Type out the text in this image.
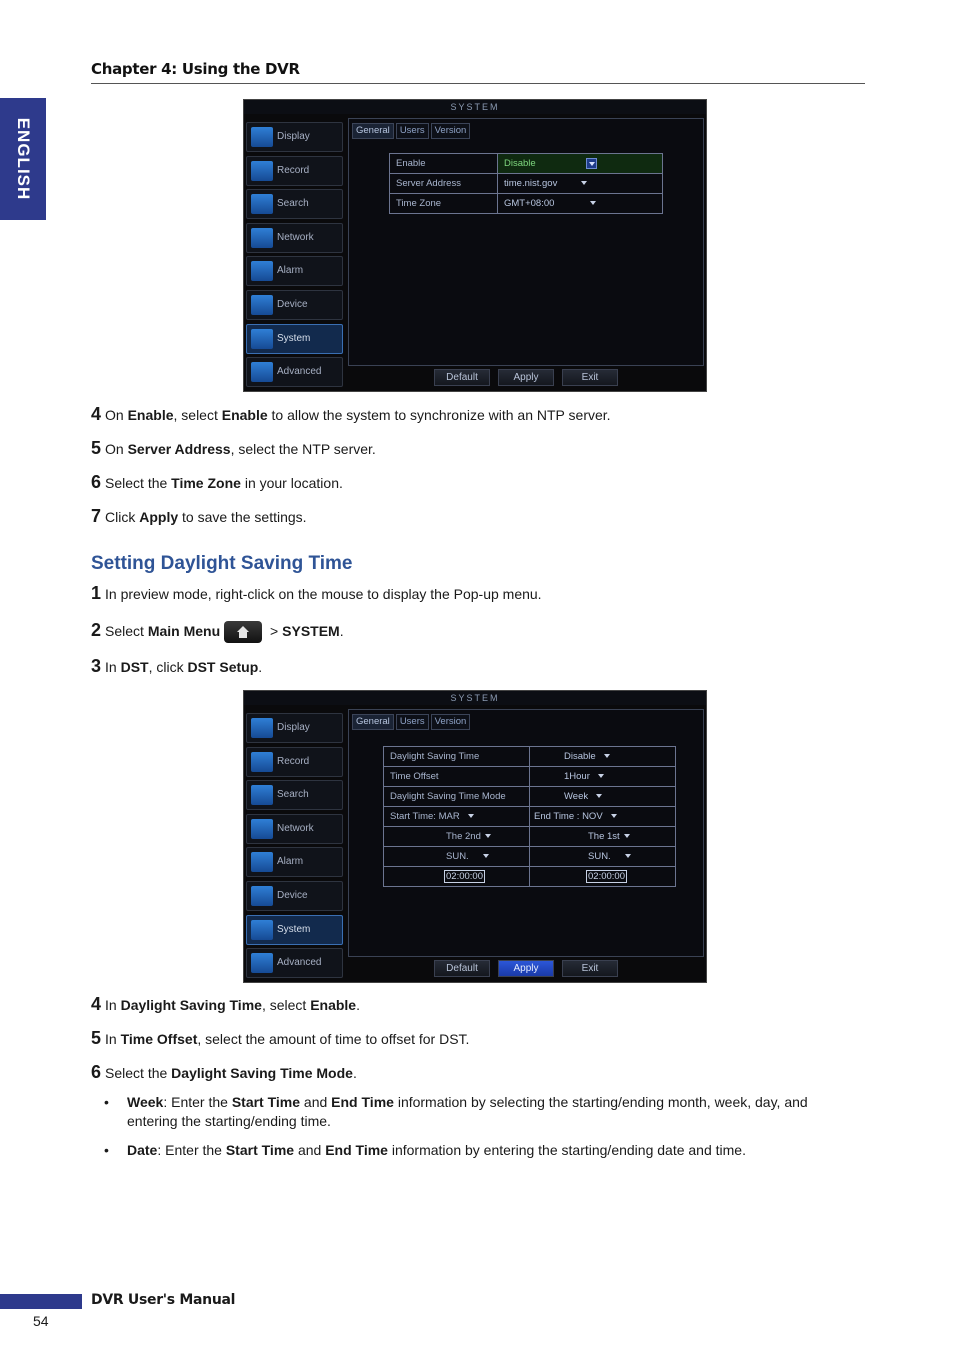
Chapter 4: Using the DVR
ENGLISH
SYSTEM
Display
Record
Search
Network
Alarm
Device
System
Advanced
General	Users	Version
Enable	Disable
Server Address	time.nist.gov
Time Zone	GMT+08:00
Default	Apply	Exit
4 On Enable, select Enable to allow the system to synchronize with an NTP server.
5 On Server Address, select the NTP server.
6 Select the Time Zone in your location.
7 Click Apply to save the settings.
Setting Daylight Saving Time
1 In preview mode, right-click on the mouse to display the Pop-up menu.
2 Select Main Menu	> SYSTEM.
3 In DST, click DST Setup.
SYSTEM
Display
Record
Search
Network
Alarm
Device
System
Advanced
General	Users	Version
Daylight Saving Time	Disable
Time Offset	1Hour
Daylight Saving Time Mode	Week
Start Time: MAR	End Time : NOV
The 2nd	The 1st
SUN.	SUN.
02:00:00	02:00:00
Default	Apply	Exit
4 In Daylight Saving Time, select Enable.
5 In Time Offset, select the amount of time to offset for DST.
6 Select the Daylight Saving Time Mode.
• Week: Enter the Start Time and End Time information by selecting the starting/ending month, week, day, and entering the starting/ending time.
• Date: Enter the Start Time and End Time information by entering the starting/ending date and time.
DVR User's Manual
54
